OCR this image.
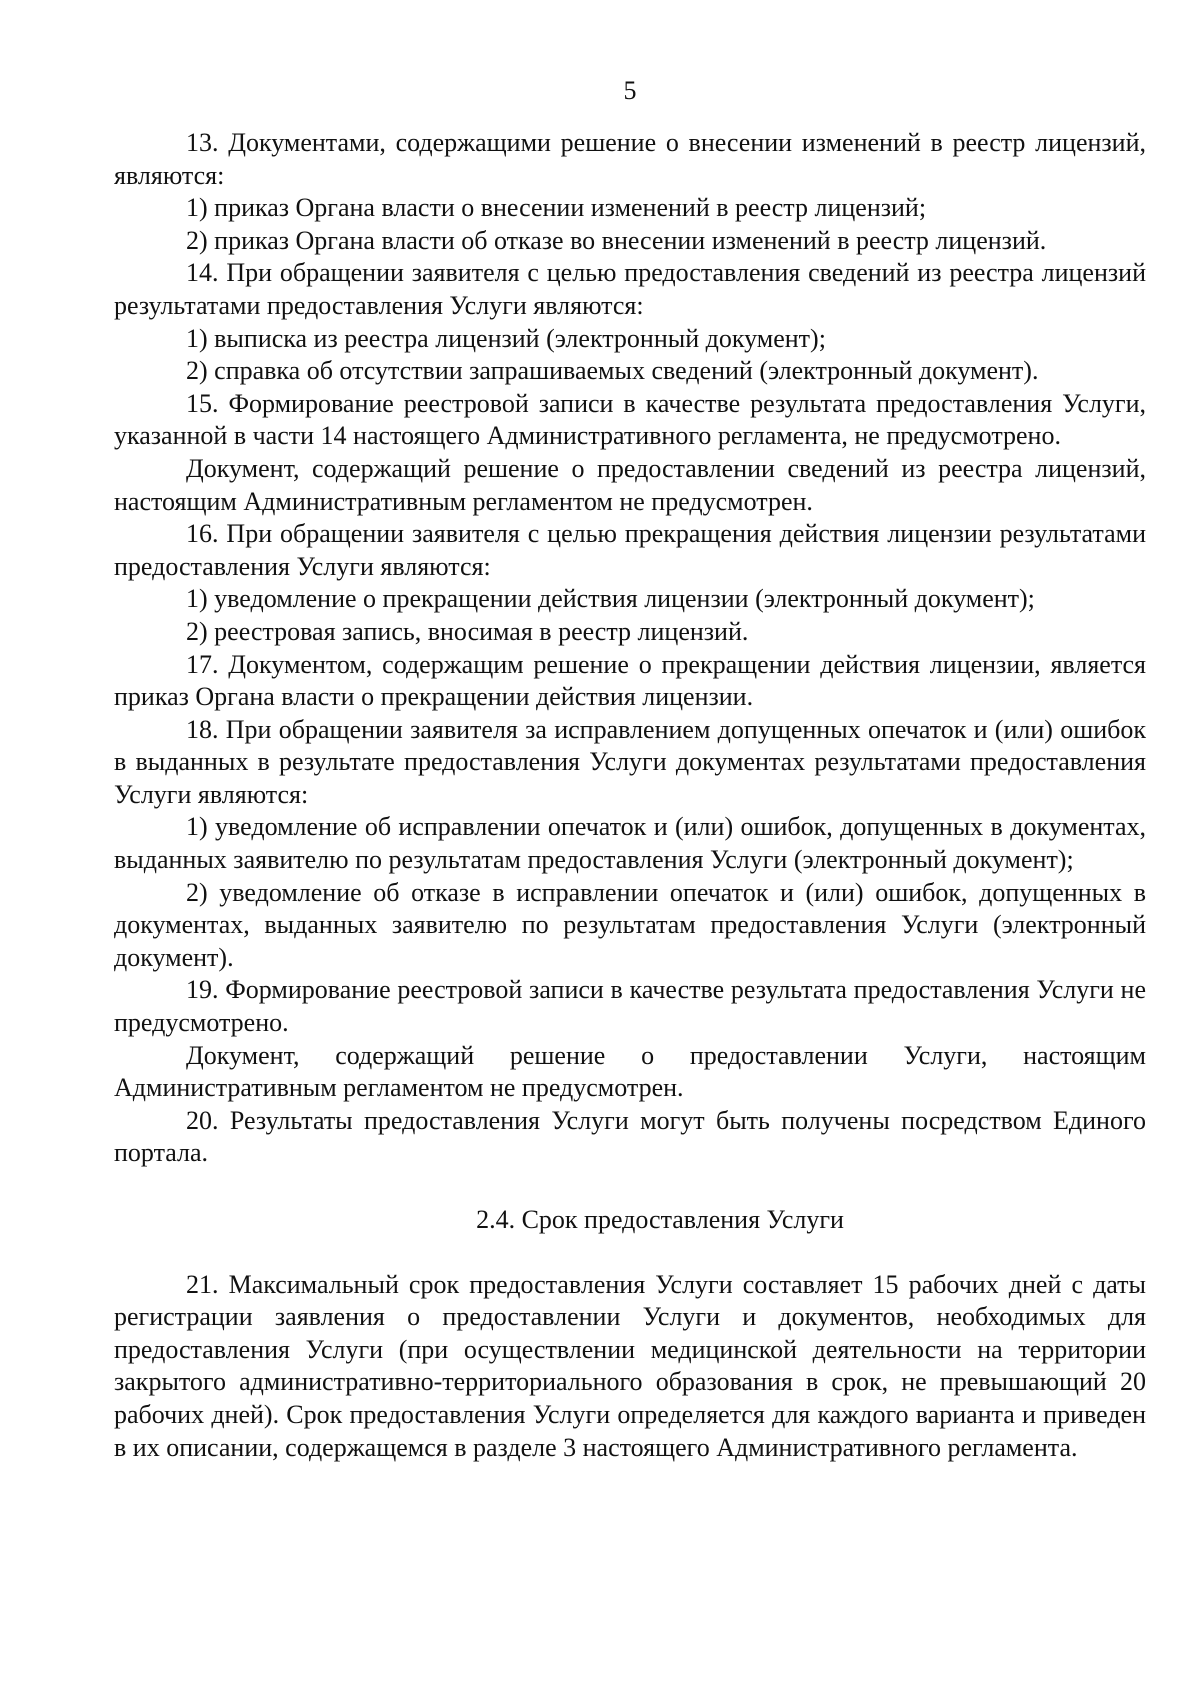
5

13. Документами, содержащими решение о внесении изменений в реестр лицензий, являются:

1) приказ Органа власти о внесении изменений в реестр лицензий;

2) приказ Органа власти об отказе во внесении изменений в реестр лицензий.

14. При обращении заявителя с целью предоставления сведений из реестра лицензий результатами предоставления Услуги являются:

1) выписка из реестра лицензий (электронный документ);

2) справка об отсутствии запрашиваемых сведений (электронный документ).

15. Формирование реестровой записи в качестве результата предоставления Услуги, указанной в части 14 настоящего Административного регламента, не предусмотрено.

Документ, содержащий решение о предоставлении сведений из реестра лицензий, настоящим Административным регламентом не предусмотрен.

16. При обращении заявителя с целью прекращения действия лицензии результатами предоставления Услуги являются:

1) уведомление о прекращении действия лицензии (электронный документ);

2) реестровая запись, вносимая в реестр лицензий.

17. Документом, содержащим решение о прекращении действия лицензии, является приказ Органа власти о прекращении действия лицензии.

18. При обращении заявителя за исправлением допущенных опечаток и (или) ошибок в выданных в результате предоставления Услуги документах результатами предоставления Услуги являются:

1) уведомление об исправлении опечаток и (или) ошибок, допущенных в документах, выданных заявителю по результатам предоставления Услуги (электронный документ);

2) уведомление об отказе в исправлении опечаток и (или) ошибок, допущенных в документах, выданных заявителю по результатам предоставления Услуги (электронный документ).

19. Формирование реестровой записи в качестве результата предоставления Услуги не предусмотрено.

Документ, содержащий решение о предоставлении Услуги, настоящим Административным регламентом не предусмотрен.

20. Результаты предоставления Услуги могут быть получены посредством Единого портала.

2.4. Срок предоставления Услуги

21. Максимальный срок предоставления Услуги составляет 15 рабочих дней с даты регистрации заявления о предоставлении Услуги и документов, необходимых для предоставления Услуги (при осуществлении медицинской деятельности на территории закрытого административно-территориального образования в срок, не превышающий 20 рабочих дней). Срок предоставления Услуги определяется для каждого варианта и приведен в их описании, содержащемся в разделе 3 настоящего Административного регламента.
